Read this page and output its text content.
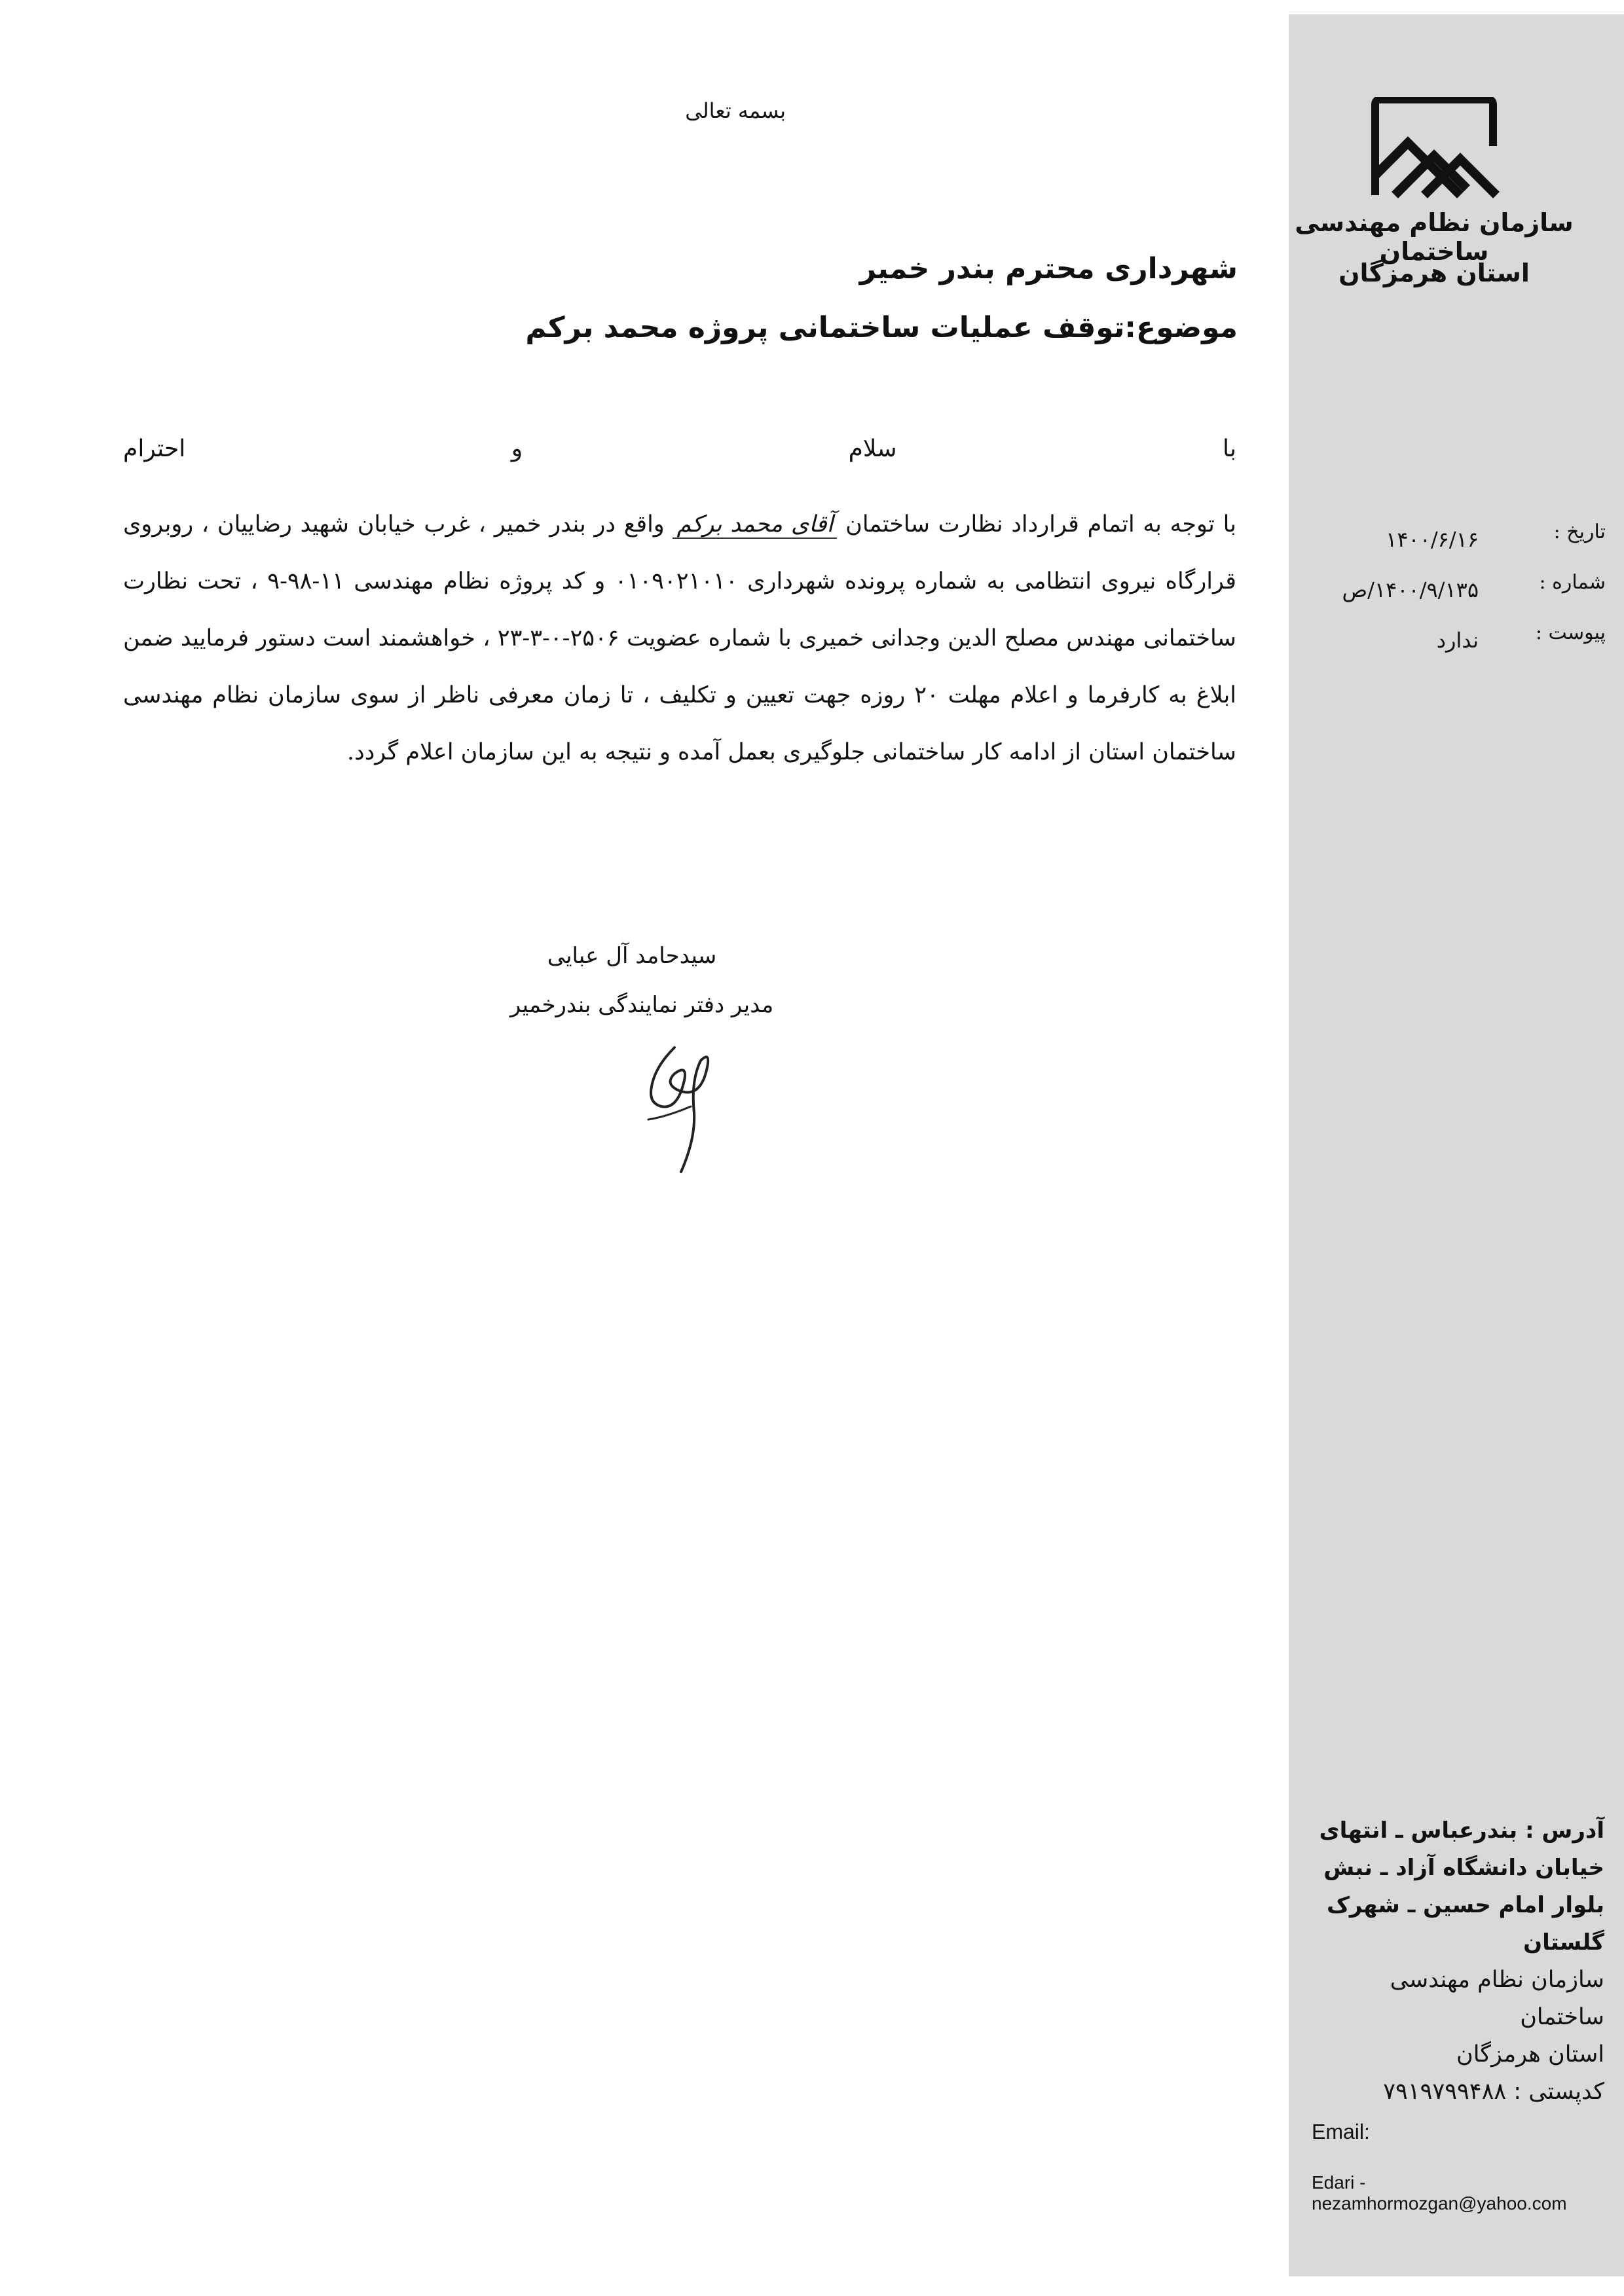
سازمان نظام مهندسی ساختمان
استان هرمزگان
تاریخ :
۱۴۰۰/۶/۱۶
شماره :
۱۴۰۰/۹/۱۳۵/ص
پیوست :
ندارد
آدرس : بندرعباس ـ انتهای
خیابان دانشگاه آزاد ـ نبش
بلوار امام حسین ـ شهرک
گلستان
سازمان نظام مهندسی ساختمان
استان هرمزگان
کدپستی : ۷۹۱۹۷۹۹۴۸۸
Email:
Edari - nezamhormozgan@yahoo.com
بسمه تعالی
شهرداری محترم بندر خمیر
موضوع:توقف عملیات ساختمانی پروژه محمد برکم
با
سلام
و
احترام
با توجه به اتمام قرارداد نظارت ساختمان آقای محمد برکم واقع در بندر خمیر ، غرب خیابان شهید رضاییان ، روبروی قرارگاه نیروی انتظامی به شماره پرونده شهرداری ۰۱۰۹۰۲۱۰۱۰ و کد پروژه نظام مهندسی ۱۱-۹۸-۹ ، تحت نظارت ساختمانی مهندس مصلح الدین وجدانی خمیری با شماره عضویت ۲۵۰۶-۰-۳-۲۳ ، خواهشمند است دستور فرمایید ضمن ابلاغ به کارفرما و اعلام مهلت ۲۰ روزه جهت تعیین و تکلیف ، تا زمان معرفی ناظر از سوی سازمان نظام مهندسی ساختمان استان از ادامه کار ساختمانی جلوگیری بعمل آمده و نتیجه به این سازمان اعلام گردد.
سیدحامد آل عبایی
مدیر دفتر نمایندگی بندرخمیر
